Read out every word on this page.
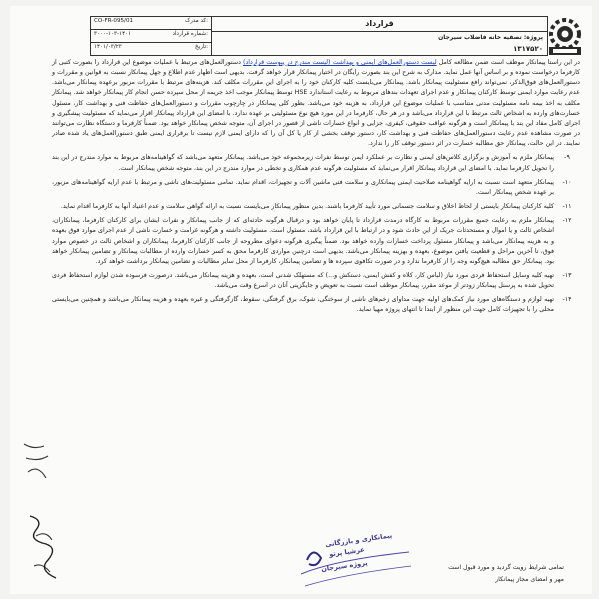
CO-FR-095/01	کد مدرک:
۳۰۰۰-۱۰۳-۱۴۰۱	شماره قرارداد:
۱۴۰۱/۰۳/۲۳	تاریخ:
قرارداد
پروژه: تصفیه خانه فاضلاب سیرجان
۱۳۱۷۵۲۰

در این راستا پیمانکار موظف است ضمن مطالعه کامل لیست دستورالعمل‌های ایمنی و بهداشت (لیست مندرج در پیوست قرارداد) دستورالعمل‌های مرتبط با عملیات موضوع این قرارداد را بصورت کتبی از کارفرما درخواست نموده و بر اساس آنها عمل نماید. مدارک به شرح این بند بصورت رایگان در اختیار پیمانکار قرار خواهد گرفت. بدیهی است اظهار عدم اطلاع و جهل پیمانکار نسبت به قوانین و مقررات و دستورالعمل‌های فوق‌الذکر، نمی‌تواند رافع مسئولیت پیمانکار باشد. پیمانکار می‌بایست کلیه کارکنان خود را به اجرای این مقررات مکلف کند. هزینه‌های مرتبط با مقررات مزبور برعهده پیمانکار می‌باشد. عدم رعایت موارد ایمنی توسط کارکنان پیمانکار و عدم اجرای تعهدات بندهای مربوط به رعایت استاندارد HSE توسط پیمانکار موجب اخذ جریمه از محل سپرده حسن انجام کار پیمانکار خواهد شد. پیمانکار مکلف به اخذ بیمه نامه مسئولیت مدنی متناسب با عملیات موضوع این قرارداد، به هزینه خود می‌باشد. بطور کلی پیمانکار در چارچوب مقررات و دستورالعمل‌های حفاظت فنی و بهداشت کار، مسئول خسارت‌های وارده به اشخاص ثالث مرتبط با این قرارداد می‌باشد و در هر حال، کارفرما در این مورد هیچ نوع مسئولیتی بر عهده ندارد. با امضای این قرارداد پیمانکار اقرار می‌نماید که مسئولیت پیشگیری و اجرای کامل مفاد این بند با پیمانکار است و هرگونه عواقب حقوقی، کیفری، جزایی و انواع خسارات ناشی از قصور در اجرای آن، متوجه شخص پیمانکار خواهد بود. ضمناً کارفرما و دستگاه نظارت می‌توانند در صورت مشاهده عدم رعایت دستورالعمل‌های حفاظت فنی و بهداشت کار، دستور توقف بخشی از کار یا کل آن را که دارای ایمنی لازم نیست تا برقراری ایمنی طبق دستورالعمل‌های یاد شده صادر نمایند. در این حالت، پیمانکار حق مطالبه خسارت در اثر دستور توقف کار را ندارد.

-۹

پیمانکار ملزم به آموزش و برگزاری کلاس‌های ایمنی و نظارت بر عملکرد ایمن توسط نفرات زیرمجموعه خود می‌باشد. پیمانکار متعهد می‌باشد که گواهینامه‌های مربوط به موارد مندرج در این بند را تحویل کارفرما نماید. با امضای این قرارداد پیمانکار اقرار می‌نماید که مسئولیت هرگونه عدم همکاری و تخطی در موارد مندرج در این بند، متوجه شخص پیمانکار است.

-۱۰

پیمانکار متعهد است نسبت به ارایه گواهینامه صلاحیت ایمنی پیمانکاری و سلامت فنی ماشین آلات و تجهیزات، اقدام نماید. تمامی مسئولیت‌های ناشی و مرتبط با عدم ارایه گواهینامه‌های مزبور، بر عهده شخص پیمانکار است.

-۱۱

کلیه کارکنان پیمانکار بایستی از لحاظ اخلاق و سلامت جسمانی مورد تأیید کارفرما باشند. بدین منظور پیمانکار می‌بایست نسبت به ارائه گواهی سلامت و عدم اعتیاد آنها به کارفرما اقدام نماید.

-۱۲

پیمانکار ملزم به رعایت جمیع مقررات مربوط به کارگاه درمدت قرارداد تا پایان خواهد بود و درقبال هرگونه حادثه‌ای که از جانب پیمانکار و نفرات ایشان برای کارکنان کارفرما، پیمانکاران، اشخاص ثالث و یا اموال و مستحدثات جریک از این حادث شود و در ارتباط با این قرارداد باشد، مسئول است. مسئولیت داشته و هرگونه غرامت و خسارت ناشی از عدم اجرای موارد فوق بعهده و به هزینه پیمانکار می‌باشد و پیمانکار مسئول پرداخت خسارات وارده خواهد بود. ضمناً پیگیری هرگونه دعوای مطروحه از جانب کارکنان کارفرما، پیمانکاران و اشخاص ثالث در خصوص موارد فوق، تا آخرین مراحل و قطعیت یافتن موضوع، بعهده و بهزینه پیمانکار می‌باشد. بدیهی است درچنین مواردی کارفرما محق به کسر خسارات وارده از مطالبات پیمانکار و تضامین پیمانکار خواهد بود. پیمانکار حق مطالبه هیچ‌گونه وجه را از کارفرما ندارد و در صورت تکافوی سپرده ها و تضامین پیمانکار، کارفرما از محل سایر مطالبات و تضامین پیمانکار برداشت خواهد کرد.

-۱۳

تهیه کلیه وسایل استحفاظ فردی مورد نیاز (لباس کار، کلاه و کفش ایمنی، دستکش و...) که مستهلک شدنی است، بعهده و هزینه پیمانکار می‌باشد. درصورت فرسوده شدن لوازم استحفاظ فردی تحویل شده به پرسنل پیمانکار زودتر از موعد مقرر، پیمانکار موظف است نسبت به تعویض و جایگزینی آنان در اسرع وقت می‌باشد.

-۱۴

تهیه لوازم و دستگاه‌های مورد نیاز کمک‌های اولیه جهت مداوای زخم‌های ناشی از سوختگی، شوک، برق گرفتگی، سقوط، گازگرفتگی و غیره بعهده و هزینه پیمانکار می‌باشد و همچنین می‌بایستی محلی را با تجهیزات کامل جهت این منظور از ابتدا تا انتهای پروژه مهیا نماید.

پیمانکاری و بازرگانی
عرشیا پرتو
پروژه سیرجان	تمامی شرایط رویت گردید و مورد قبول است
مهر و امضای مجاز پیمانکار
